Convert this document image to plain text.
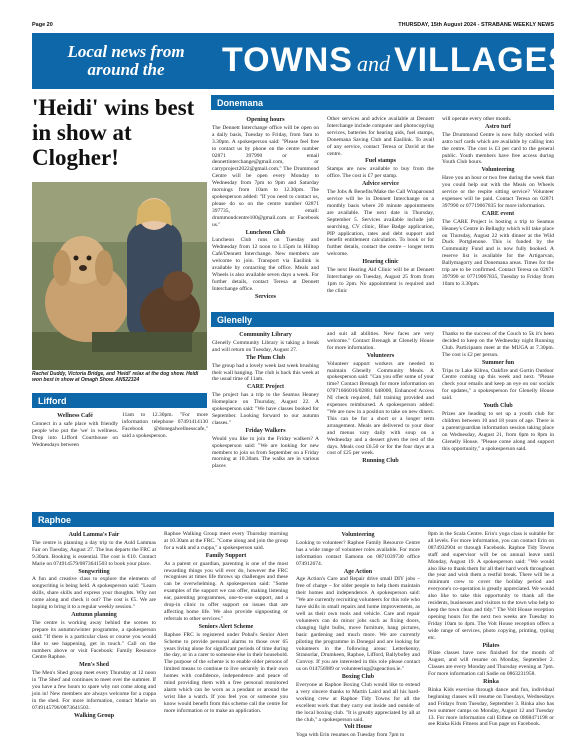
Page 20	THURSDAY, 15th August 2024 - STRABANE WEEKLY NEWS
Local news from
around the	TOWNS and VILLAGES
'Heidi' wins best in show at Clogher!
Rachel Duddy, Victoria Bridge, and 'Heidi' relax at the dog show. Heidi won best in show at Omagh Show. AN522324
Donemana
Opening hours

The Dennett Interchange office will be open on a daily basis, Tuesday to Friday, from 9am to 3.30pm. A spokesperson said: "Please feel free to contact us by phone on the centre number 02871 397990 or email dennettinterchange@gmail.com, or carryproject2022@gmail.com." The Drummond Centre will be open every Monday to Wednesday from 7pm to 9pm and Saturday mornings from 10am to 12.30pm. The spokesperson added: "If you need to contact us, please do so on the centre number 02871 397735, email: drummondcentre100@gmail.com or Facebook us."

Luncheon Club

Luncheon Club runs on Tuesday and Wednesday from 12 noon to 1.15pm in Hilltop Café/Dennett Interchange. New members are welcome to join. Transport via Easilink is available by contacting the office. Meals and Wheels is also available seven days a week. For further details, contact Teresa at Dennett Interchange office.

Services

Other services and advice available at Dennett Interchange include computer and photocopying services, batteries for hearing aids, fuel stamps, Donemana Saving Club and Easilink. To avail of any service, contact Teresa or David at the centre.

Fuel stamps

Stamps are now available to buy from the office. The cost is £7 per stamp.

Advice service

The Jobs & Benefits/Make the Call Wraparound service will be in Dennett Interchange on a monthly basis where 20 minute appointments are available. The next date is Thursday, September 5. Services available include job searching, CV clinic, Blue Badge application, PIP application, rates and debt support and benefit entitlement calculation. To book or for further details, contact the centre – longer term welcome.

Hearing clinic

The next Hearing Aid Clinic will be at Dennett Interchange on Tuesday, August 25 from from 1pm to 2pm. No appointment is required and the clinic

will operate every other month.

Astro turf

The Drummond Centre is now fully stocked with astro turf cards which are available by calling into the centre. The cost is £3 per card to the general public. Youth members have free access during Youth Club hours.

Volunteering

Have you an hour or two free during the week that you could help out with the Meals on Wheels service or the respite sitting service? Volunteer expenses will be paid. Contact Teresa on 02871 397990 or 07719067835 for more information.

CARE event

The CARE Project is hosting a trip to Seamus Heaney's Centre in Bellaghy which will take place on Thursday, August 22 with dinner at the Wild Duck Portglenone. This is funded by the Community Fund and is now fully booked. A reserve list is available for the Artigarvan, Ballymagorry and Donemana areas. Times for the trip are to be confirmed. Contact Teresa on 02871 397990 or 07719067835, Tuesday to Friday from 10am to 3.30pm.

Glenelly
Community Library

Glenelly Community Library is taking a break and will return on Tuesday, August 27.

The Plum Club

The group had a lovely week last week brushing their wall hanging. The club is back this week at the usual time of 11am.

CARE Project

The project has a trip to the Seamus Heaney Homeplace on Thursday, August 22. A spokesperson said: "We have classes booked for September. Looking forward to our autumn classes."

Friday Walkers

Would you like to join the Friday walkers? A spokesperson said: "We are looking for new members to join us from September on a Friday morning at 10.30am. The walks are in various places

and suit all abilities. New faces are very welcome." Contact Brenagh at Glenelly House for more information.

Volunteers

Volunteer support workers are needed to maintain Glenelly Community Meals. A spokesperson said: "Can you offer some of your time? Contact Brenagh for more information on 07871666016/02881 648000, Enhanced Access NI check required, full training provided and expenses reimbursed. A spokesperson added: "We are now in a position to take on new diners. This can be for a short or a longer term arrangement. Meals are delivered to your door and menus vary daily with soup on a Wednesday and a dessert given the rest of the days. Meals cost £6.50 or for the four days at a cost of £25 per week.

Running Club

Thanks to the success of the Couch to 5k it's been decided to keep on the Wednesday night Running Club. Participants meet at the MUGA at 7.30pm. The cost is £2 per person.

Summer fun

Trips to Lake Kilrea, Oakfire and Gortin Outdoor Centre coming up this week and next. "Please check your emails and keep an eye on our socials for updates," a spokesperson for Glenelly House said.

Youth Club

Prizes are heading to set up a youth club for children between 10 and 18 years of age. There is a parent/guardian information session taking place on Wednesday, August 21, from 6pm to 8pm in Glenelly House. "Please come along and support this opportunity," a spokesperson said.

Lifford
Wellness Café

Connect in a safe place with friendly people who put the 'we' in wellness. Drop into Lifford Courthouse on Wednesdays between

11am to 12.30pm. "For more information telephone 07491414130 Facebook @donegalwellnesscafe," said a spokesperson.

Raphoe
Auld Lamma's Fair

The centre is planning a day trip to the Auld Lammas Fair on Tuesday, August 27. The bus departs the FRC at 9.30am. Booking is essential. The cost is €10. Contact Marie on 074914579/0873641503 to book your place.

Songwriting

A fun and creative class to explore the elements of songwriting is being held. A spokesperson said: "Learn skills, share skills and express your thoughts. Why not come along and check it out? The cost is €5. We are hoping to bring it to a regular weekly session."

Autumn planning

The centre is working away behind the scenes to prepare its autumn/winter programme, a spokesperson said: "If there is a particular class or course you would like to see happening, get in touch." Call on the numbers above or visit Facebook: Family Resource Centre Raphoe.

Men's Shed

The Men's Shed group meet every Thursday at 12 noon in 'The Shed' and continues to meet over the summer. If you have a few hours to spare why not come along and join in! New members are always welcome for a cuppa in the shed. For more information, contact Marie on 0749145796/0873641503.

Walking Group

Raphoe Walking Group meet every Thursday morning at 10.30am at the FRC. "Come along and join the group for a walk and a cuppa," a spokesperson said.

Family Support

As a parent or guardian, parenting is one of the most rewarding things you will ever do, however the FRC recognises at times life throws up challenges and these can be overwhelming. A spokesperson said: "Some examples of the support we can offer, making listening ear, parenting programmes, one-to-one support, and a drop-in clinic to offer support on issues that are affecting home life. We also provide signposting or referrals to other services."

Seniors Alert Scheme

Raphoe FRC is registered under Pobal's Senior Alert Scheme to provide personal alarms to those over 65 years living alone for significant periods of time during the day, or in a carer to someone else in their household. The purpose of the scheme is to enable older persons of limited means to continue to live securely in their own homes with confidence, independence and peace of mind providing them with a free personal monitored alarm which can be worn as a pendant or around the wrist like a watch. If you feel you or someone you know would benefit from this scheme call the centre for more information or to make an application.

Volunteering

Looking to volunteer? Raphoe Family Resource Centre has a wide range of volunteer roles available. For more information contact Eamonn on 0871039730 office 074912674.

Age Action

Age Action's Care and Repair drive small DIY jobs – free of charge – for older people to help them maintain their homes and independence. A spokesperson said: "We are currently recruiting volunteers for this role who have skills in small repairs and home improvements, as well as their own tools and vehicle. Care and repair volunteers can do minor jobs such as fixing doors, changing light bulbs, move furniture, hang pictures, basic gardening and much more. We are currently piloting the programme in Donegal and are looking for volunteers in the following areas: Letterkenny, Stranorlar, Drumkeen, Raphoe, Lifford, Ballybofey and Convoy. If you are interested in this role please contact us on 014756989 or volunteering@ageaction.ie."

Boxing Club

Everyone at Raphoe Boxing Club would like to extend a very sincere thanks to Martin Laird and all his hard-working crew at Raphoe Tidy Towns for all the excellent work that they carry out inside and outside of the local boxing club. "It is greatly appreciated by all at the club," a spokesperson said.

Volt House

Yoga with Erin resumes on Tuesday from 7pm to

8pm in the Scala Centre. Erin's yoga class is suitable for all levels. For more information, you can contact Erin on 0874932904 or through Facebook. Raphoe Tidy Towns staff and supervisor will be on annual leave until Monday, August 19. A spokesperson said: "We would also like to thank them for all their hard work throughout the year and wish them a restful break. There will be a minimum crew to cover the holiday period and everyone's co-operation is greatly appreciated. We would also like to take this opportunity to thank all the residents, businesses and visitors to the town who help to keep the town clean and tidy." The Volt House reception opening hours for the next two weeks are Tuesday to Friday 10am to 4pm. The Volt House reception offers a wide range of services, photo copying, printing, typing etc.

Pilates

Pilate classes have now finished for the month of August, and will resume on Monday, September 2. Classes are every Monday and Thursday evening at 7pm. For more information call Sadie on 0863231958.

Rinka

Rinka Kids exercise through dance and fun, individual beginning classes will resume on Tuesdays, Wednesdays and Fridays from Tuesday, September 3. Rinka also has two summer camps on Monday, August 12 and Tuesday 13. For more information call Eithne on 0868471198 or see Rinka Kids Fitness and Fun page on Facebook.
